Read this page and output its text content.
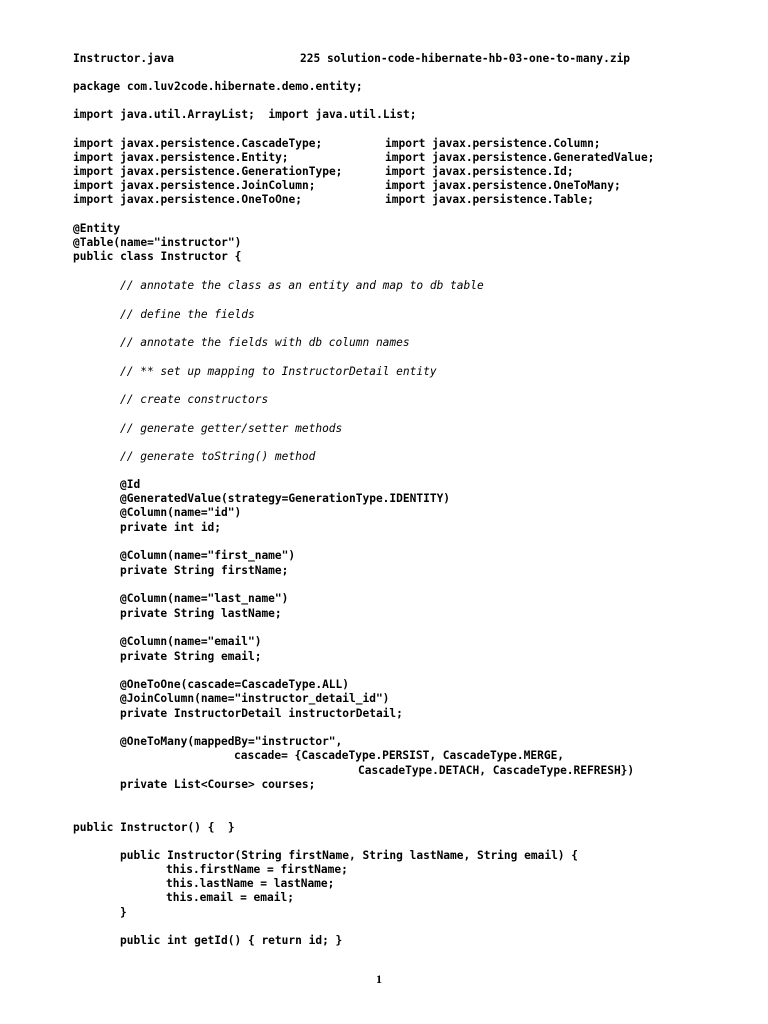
Instructor.java	225 solution-code-hibernate-hb-03-one-to-many.zip
package com.luv2code.hibernate.demo.entity;
import java.util.ArrayList;  import java.util.List;
import javax.persistence.CascadeType;	import javax.persistence.Column;
import javax.persistence.Entity;	import javax.persistence.GeneratedValue;
import javax.persistence.GenerationType;	import javax.persistence.Id;
import javax.persistence.JoinColumn;	import javax.persistence.OneToMany;
import javax.persistence.OneToOne;	import javax.persistence.Table;
@Entity
@Table(name="instructor")
public class Instructor {
// annotate the class as an entity and map to db table
// define the fields
// annotate the fields with db column names
// ** set up mapping to InstructorDetail entity
// create constructors
// generate getter/setter methods
// generate toString() method
@Id
@GeneratedValue(strategy=GenerationType.IDENTITY)
@Column(name="id")
private int id;
@Column(name="first_name")
private String firstName;
@Column(name="last_name")
private String lastName;
@Column(name="email")
private String email;
@OneToOne(cascade=CascadeType.ALL)
@JoinColumn(name="instructor_detail_id")
private InstructorDetail instructorDetail;
@OneToMany(mappedBy="instructor",
cascade= {CascadeType.PERSIST, CascadeType.MERGE,
CascadeType.DETACH, CascadeType.REFRESH})
private List<Course> courses;
public Instructor() {  }
public Instructor(String firstName, String lastName, String email) {
this.firstName = firstName;
this.lastName = lastName;
this.email = email;
}
public int getId() { return id; }
1
